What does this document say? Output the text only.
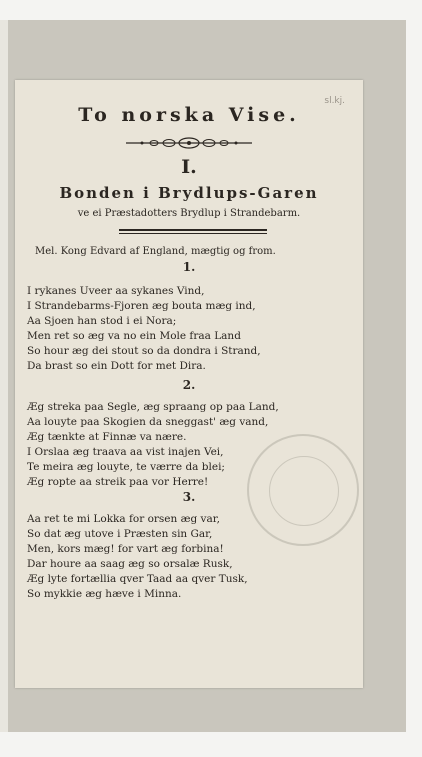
sl.kj.
To norska Vise.
I.
Bonden i Brydlups-Garen
ve ei Præstadotters Brydlup i Strandebarm.
Mel. Kong Edvard af England, mægtig og from.
1.
I rykanes Uveer aa sykanes Vind,
I Strandebarms-Fjoren æg bouta mæg ind,
Aa Sjoen han stod i ei Nora;
Men ret so æg va no ein Mole fraa Land
So hour æg dei stout so da dondra i Strand,
Da brast so ein Dott for met Dira.
2.
Æg streka paa Segle, æg spraang op paa Land,
Aa louyte paa Skogien da sneggast' æg vand,
Æg tænkte at Finnæ va nære.
I Orslaa æg traava aa vist inajen Vei,
Te meira æg louyte, te værre da blei;
Æg ropte aa streik paa vor Herre!
3.
Aa ret te mi Lokka for orsen æg var,
So dat æg utove i Præsten sin Gar,
Men, kors mæg! for vart æg forbina!
Dar houre aa saag æg so orsalæ Rusk,
Æg lyte fortællia qver Taad aa qver Tusk,
So mykkie æg hæve i Minna.
